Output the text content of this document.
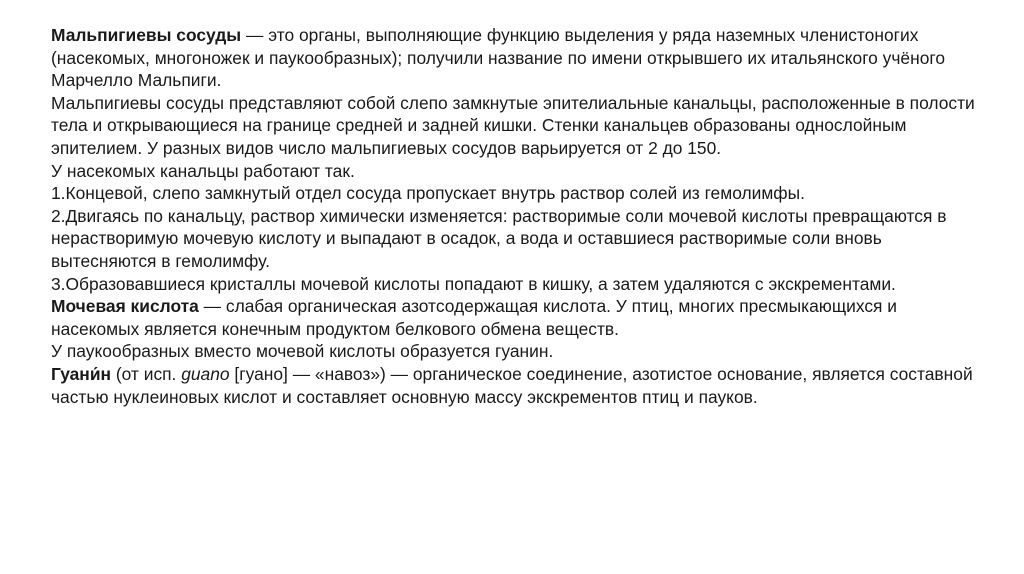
Мальпигиевы сосуды — это органы, выполняющие функцию выделения у ряда наземных членистоногих (насекомых, многоножек и паукообразных); получили название по имени открывшего их итальянского учёного Марчелло Мальпиги.

Мальпигиевы сосуды представляют собой слепо замкнутые эпителиальные канальцы, расположенные в полости тела и открывающиеся на границе средней и задней кишки. Стенки канальцев образованы однослойным эпителием. У разных видов число мальпигиевых сосудов варьируется от 2 до 150.

У насекомых канальцы работают так.

1.Концевой, слепо замкнутый отдел сосуда пропускает внутрь раствор солей из гемолимфы.

2.Двигаясь по канальцу, раствор химически изменяется: растворимые соли мочевой кислоты превращаются в нерастворимую мочевую кислоту и выпадают в осадок, а вода и оставшиеся растворимые соли вновь вытесняются в гемолимфу.

3.Образовавшиеся кристаллы мочевой кислоты попадают в кишку, а затем удаляются с экскрементами.

Мочевая кислота — слабая органическая азотсодержащая кислота. У птиц, многих пресмыкающихся и насекомых является конечным продуктом белкового обмена веществ.

У паукообразных вместо мочевой кислоты образуется гуанин.

Гуани́н (от исп. guano [гуано] — «навоз») — органическое соединение, азотистое основание, является составной частью нуклеиновых кислот и составляет основную массу экскрементов птиц и пауков.
